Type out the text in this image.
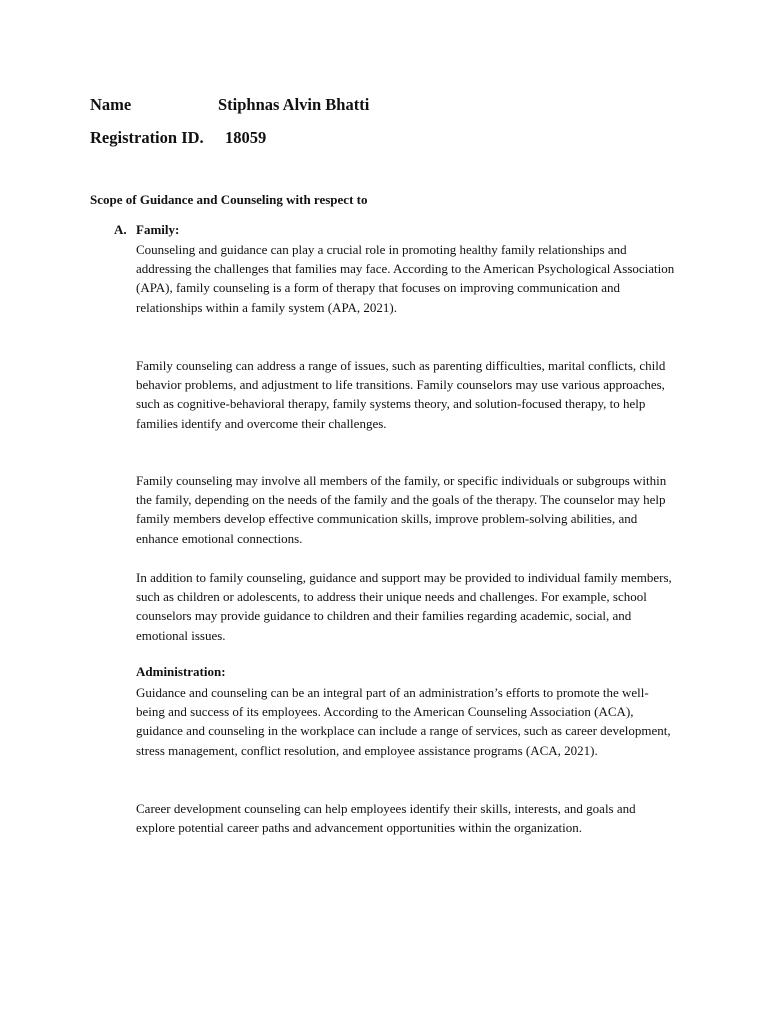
Name	Stiphnas Alvin Bhatti
Registration ID. 18059
Scope of Guidance and Counseling with respect to
A. Family:

Counseling and guidance can play a crucial role in promoting healthy family relationships and addressing the challenges that families may face. According to the American Psychological Association (APA), family counseling is a form of therapy that focuses on improving communication and relationships within a family system (APA, 2021).

Family counseling can address a range of issues, such as parenting difficulties, marital conflicts, child behavior problems, and adjustment to life transitions. Family counselors may use various approaches, such as cognitive-behavioral therapy, family systems theory, and solution-focused therapy, to help families identify and overcome their challenges.

Family counseling may involve all members of the family, or specific individuals or subgroups within the family, depending on the needs of the family and the goals of the therapy. The counselor may help family members develop effective communication skills, improve problem-solving abilities, and enhance emotional connections.

In addition to family counseling, guidance and support may be provided to individual family members, such as children or adolescents, to address their unique needs and challenges. For example, school counselors may provide guidance to children and their families regarding academic, social, and emotional issues.

Administration:

Guidance and counseling can be an integral part of an administration’s efforts to promote the well-being and success of its employees. According to the American Counseling Association (ACA), guidance and counseling in the workplace can include a range of services, such as career development, stress management, conflict resolution, and employee assistance programs (ACA, 2021).

Career development counseling can help employees identify their skills, interests, and goals and explore potential career paths and advancement opportunities within the organization.
